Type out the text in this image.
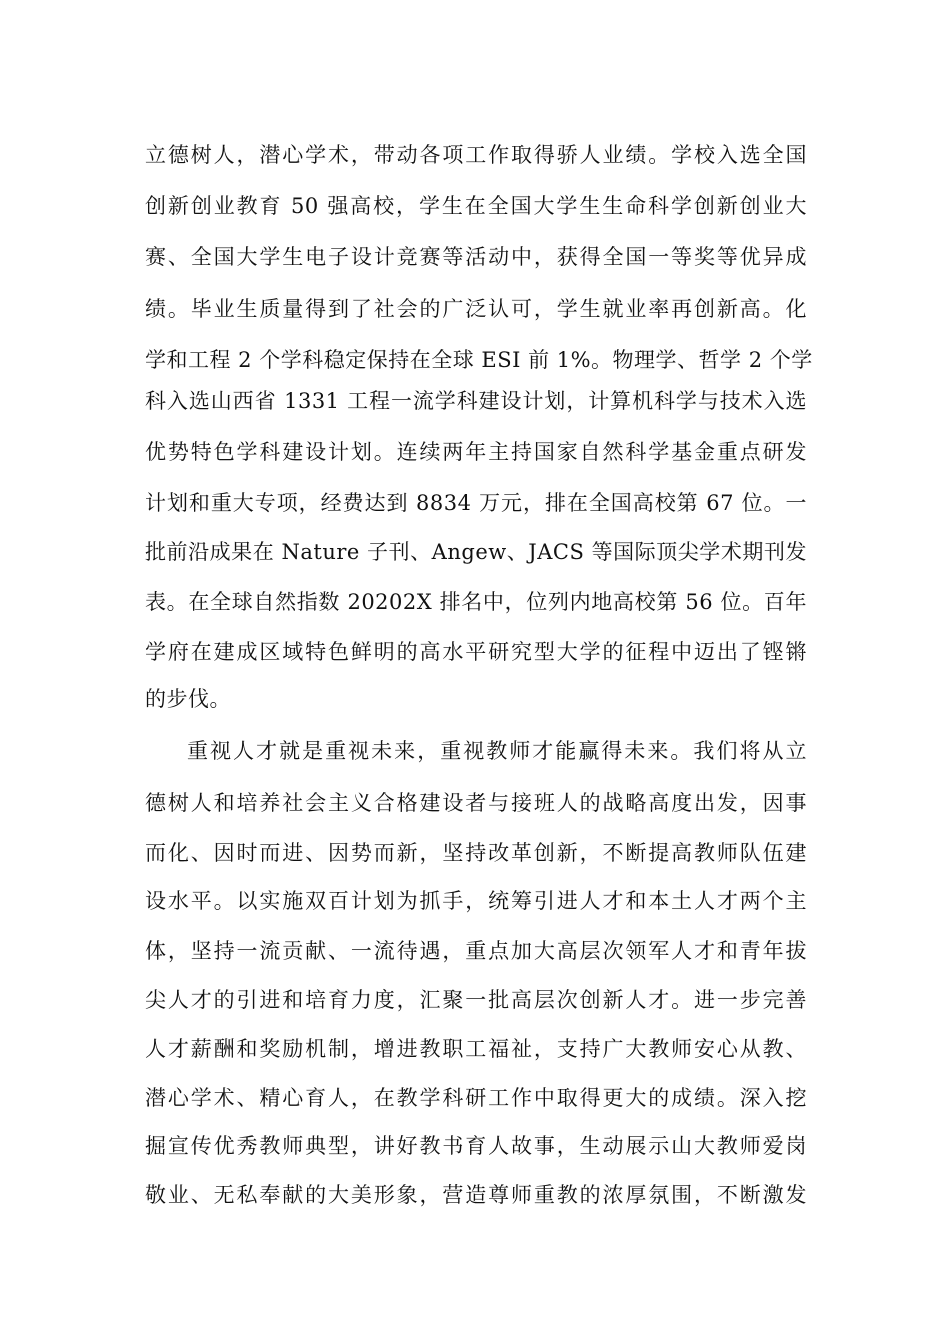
立德树人，潜心学术，带动各项工作取得骄人业绩。学校入选全国
创新创业教育 50 强高校，学生在全国大学生生命科学创新创业大
赛、全国大学生电子设计竞赛等活动中，获得全国一等奖等优异成
绩。毕业生质量得到了社会的广泛认可，学生就业率再创新高。化
学和工程 2 个学科稳定保持在全球 ESI 前 1%。物理学、哲学 2 个学
科入选山西省 1331 工程一流学科建设计划，计算机科学与技术入选
优势特色学科建设计划。连续两年主持国家自然科学基金重点研发
计划和重大专项，经费达到 8834 万元，排在全国高校第 67 位。一
批前沿成果在 Nature 子刊、Angew、JACS 等国际顶尖学术期刊发
表。在全球自然指数 20202X 排名中，位列内地高校第 56 位。百年
学府在建成区域特色鲜明的高水平研究型大学的征程中迈出了铿锵
的步伐。
重视人才就是重视未来，重视教师才能赢得未来。我们将从立
德树人和培养社会主义合格建设者与接班人的战略高度出发，因事
而化、因时而进、因势而新，坚持改革创新，不断提高教师队伍建
设水平。以实施双百计划为抓手，统筹引进人才和本土人才两个主
体，坚持一流贡献、一流待遇，重点加大高层次领军人才和青年拔
尖人才的引进和培育力度，汇聚一批高层次创新人才。进一步完善
人才薪酬和奖励机制，增进教职工福祉，支持广大教师安心从教、
潜心学术、精心育人，在教学科研工作中取得更大的成绩。深入挖
掘宣传优秀教师典型，讲好教书育人故事，生动展示山大教师爱岗
敬业、无私奉献的大美形象，营造尊师重教的浓厚氛围，不断激发
